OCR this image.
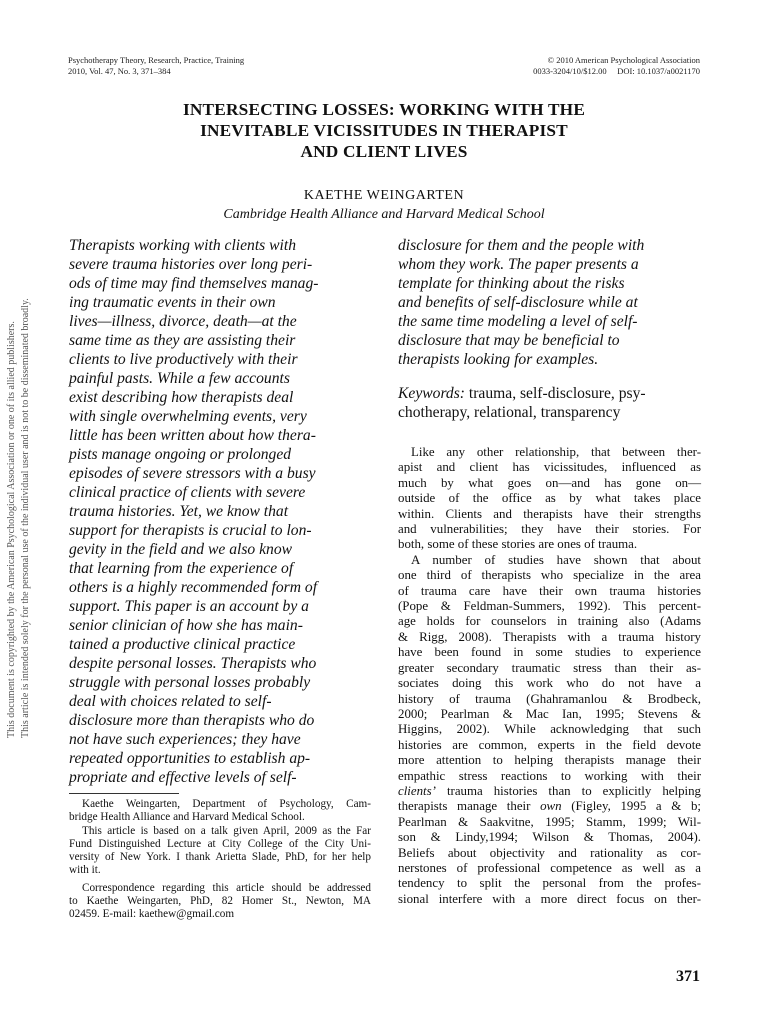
Psychotherapy Theory, Research, Practice, Training
2010, Vol. 47, No. 3, 371–384
© 2010 American Psychological Association
0033-3204/10/$12.00     DOI: 10.1037/a0021170
INTERSECTING LOSSES: WORKING WITH THE
INEVITABLE VICISSITUDES IN THERAPIST
AND CLIENT LIVES
KAETHE WEINGARTEN
Cambridge Health Alliance and Harvard Medical School
This document is copyrighted by the American Psychological Association or one of its allied publishers. This article is intended solely for the personal use of the individual user and is not to be disseminated broadly.
Therapists working with clients with
severe trauma histories over long peri-
ods of time may find themselves manag-
ing traumatic events in their own
lives—illness, divorce, death—at the
same time as they are assisting their
clients to live productively with their
painful pasts. While a few accounts
exist describing how therapists deal
with single overwhelming events, very
little has been written about how thera-
pists manage ongoing or prolonged
episodes of severe stressors with a busy
clinical practice of clients with severe
trauma histories. Yet, we know that
support for therapists is crucial to lon-
gevity in the field and we also know
that learning from the experience of
others is a highly recommended form of
support. This paper is an account by a
senior clinician of how she has main-
tained a productive clinical practice
despite personal losses. Therapists who
struggle with personal losses probably
deal with choices related to self-
disclosure more than therapists who do
not have such experiences; they have
repeated opportunities to establish ap-
propriate and effective levels of self-
disclosure for them and the people with
whom they work. The paper presents a
template for thinking about the risks
and benefits of self-disclosure while at
the same time modeling a level of self-
disclosure that may be beneficial to
therapists looking for examples.
Keywords: trauma, self-disclosure, psy-
chotherapy, relational, transparency
Like any other relationship, that between ther-
apist and client has vicissitudes, influenced as
much by what goes on—and has gone on—
outside of the office as by what takes place
within. Clients and therapists have their strengths
and vulnerabilities; they have their stories. For
both, some of these stories are ones of trauma.
A number of studies have shown that about
one third of therapists who specialize in the area
of trauma care have their own trauma histories
(Pope & Feldman-Summers, 1992). This percent-
age holds for counselors in training also (Adams
& Rigg, 2008). Therapists with a trauma history
have been found in some studies to experience
greater secondary traumatic stress than their as-
sociates doing this work who do not have a
history of trauma (Ghahramanlou & Brodbeck,
2000; Pearlman & Mac Ian, 1995; Stevens &
Higgins, 2002). While acknowledging that such
histories are common, experts in the field devote
more attention to helping therapists manage their
empathic stress reactions to working with their
clients’ trauma histories than to explicitly helping
therapists manage their own (Figley, 1995 a & b;
Pearlman & Saakvitne, 1995; Stamm, 1999; Wil-
son & Lindy,1994; Wilson & Thomas, 2004).
Beliefs about objectivity and rationality as cor-
nerstones of professional competence as well as a
tendency to split the personal from the profes-
sional interfere with a more direct focus on ther-
Kaethe Weingarten, Department of Psychology, Cam-
bridge Health Alliance and Harvard Medical School.
This article is based on a talk given April, 2009 as the Far
Fund Distinguished Lecture at City College of the City Uni-
versity of New York. I thank Arietta Slade, PhD, for her help
with it.
Correspondence regarding this article should be addressed
to Kaethe Weingarten, PhD, 82 Homer St., Newton, MA
02459. E-mail: kaethew@gmail.com
371
